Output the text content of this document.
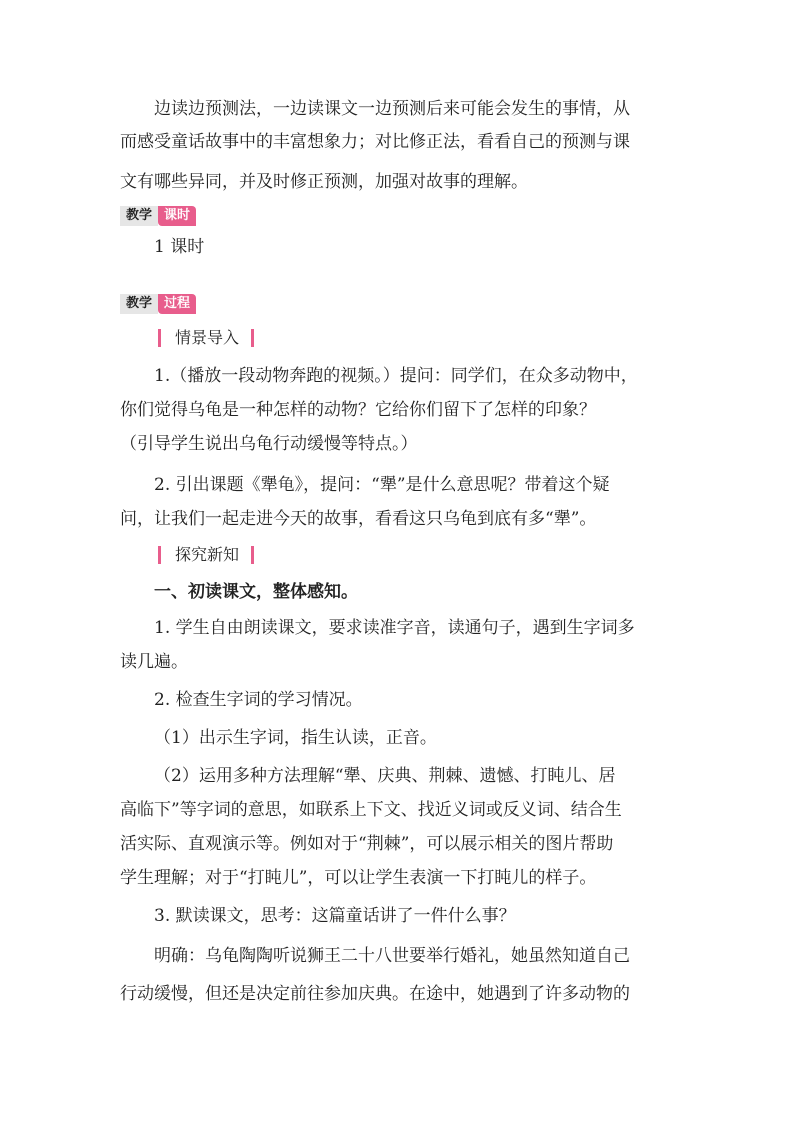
边读边预测法，一边读课文一边预测后来可能会发生的事情，从

而感受童话故事中的丰富想象力；对比修正法，看看自己的预测与课

文有哪些异同，并及时修正预测，加强对故事的理解。

教学 课时

1 课时

教学 过程
情景导入

1.（播放一段动物奔跑的视频。）提问：同学们，在众多动物中，

你们觉得乌龟是一种怎样的动物？它给你们留下了怎样的印象？

（引导学生说出乌龟行动缓慢等特点。）

2. 引出课题《犟龟》，提问：“犟”是什么意思呢？带着这个疑

问，让我们一起走进今天的故事，看看这只乌龟到底有多“犟”。

探究新知

一、初读课文，整体感知。

1. 学生自由朗读课文，要求读准字音，读通句子，遇到生字词多

读几遍。

2. 检查生字词的学习情况。

（1）出示生字词，指生认读，正音。

（2）运用多种方法理解“犟、庆典、荆棘、遗憾、打盹儿、居

高临下”等字词的意思，如联系上下文、找近义词或反义词、结合生

活实际、直观演示等。例如对于“荆棘”，可以展示相关的图片帮助

学生理解；对于“打盹儿”，可以让学生表演一下打盹儿的样子。

3. 默读课文，思考：这篇童话讲了一件什么事？

明确：乌龟陶陶听说狮王二十八世要举行婚礼，她虽然知道自己

行动缓慢，但还是决定前往参加庆典。在途中，她遇到了许多动物的
